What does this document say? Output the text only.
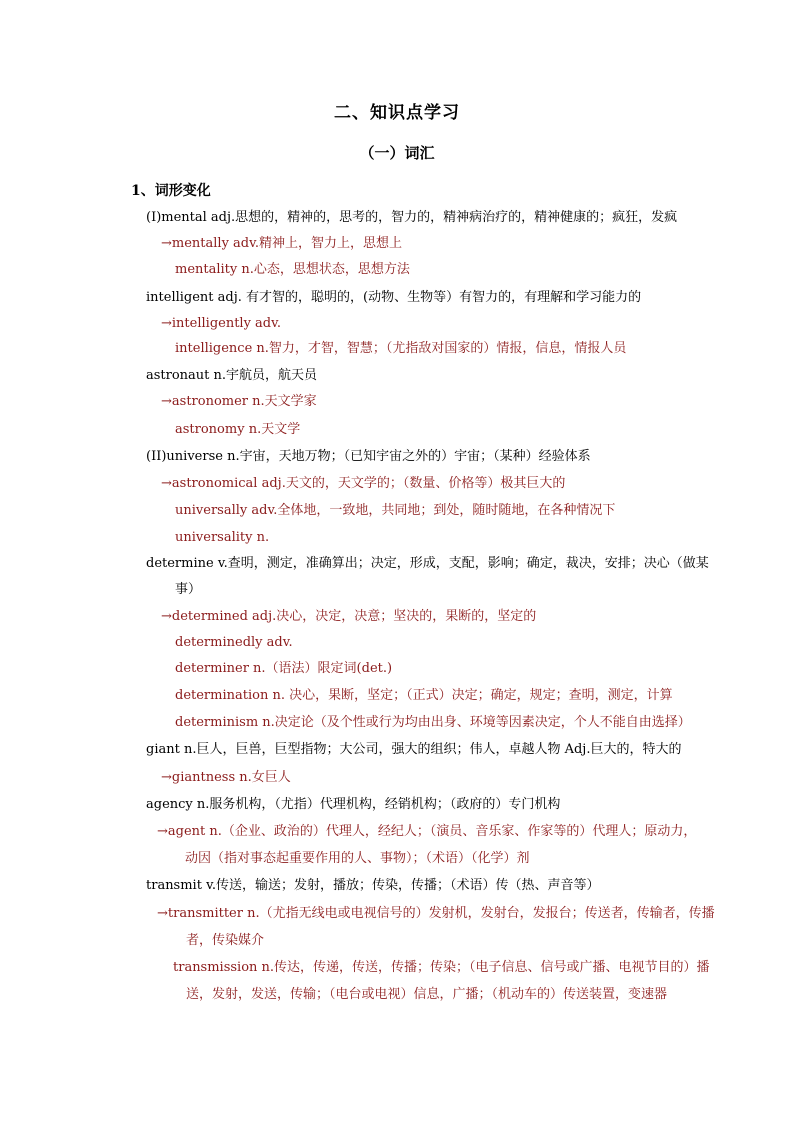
二、知识点学习
（一）词汇
1、词形变化
(I)mental adj.思想的，精神的，思考的，智力的，精神病治疗的，精神健康的；疯狂，发疯
→mentally adv.精神上，智力上，思想上
mentality n.心态，思想状态，思想方法
intelligent adj. 有才智的，聪明的，(动物、生物等）有智力的，有理解和学习能力的
→intelligently adv.
intelligence n.智力，才智，智慧；（尤指敌对国家的）情报，信息，情报人员
astronaut n.宇航员，航天员
→astronomer n.天文学家
astronomy n.天文学
(II)universe n.宇宙，天地万物；（已知宇宙之外的）宇宙；（某种）经验体系
→astronomical adj.天文的，天文学的；（数量、价格等）极其巨大的
universally adv.全体地，一致地，共同地；到处，随时随地，在各种情况下
universality n.
determine v.查明，测定，准确算出；决定，形成，支配，影响；确定，裁决，安排；决心（做某
事）
→determined adj.决心，决定，决意；坚决的，果断的，坚定的
determinedly adv.
determiner n.（语法）限定词(det.)
determination n. 决心，果断，坚定；（正式）决定；确定，规定；查明，测定，计算
determinism n.决定论（及个性或行为均由出身、环境等因素决定，个人不能自由选择）
giant n.巨人，巨兽，巨型指物；大公司，强大的组织；伟人，卓越人物 Adj.巨大的，特大的
→giantness n.女巨人
agency n.服务机构，（尤指）代理机构，经销机构；（政府的）专门机构
→agent n.（企业、政治的）代理人，经纪人；（演员、音乐家、作家等的）代理人；原动力，
动因（指对事态起重要作用的人、事物）；（术语）（化学）剂
transmit v.传送，输送；发射，播放；传染，传播；（术语）传（热、声音等）
→transmitter n.（尤指无线电或电视信号的）发射机，发射台，发报台；传送者，传输者，传播
者，传染媒介
transmission n.传达，传递，传送，传播；传染；（电子信息、信号或广播、电视节目的）播
送，发射，发送，传输；（电台或电视）信息，广播；（机动车的）传送装置，变速器
